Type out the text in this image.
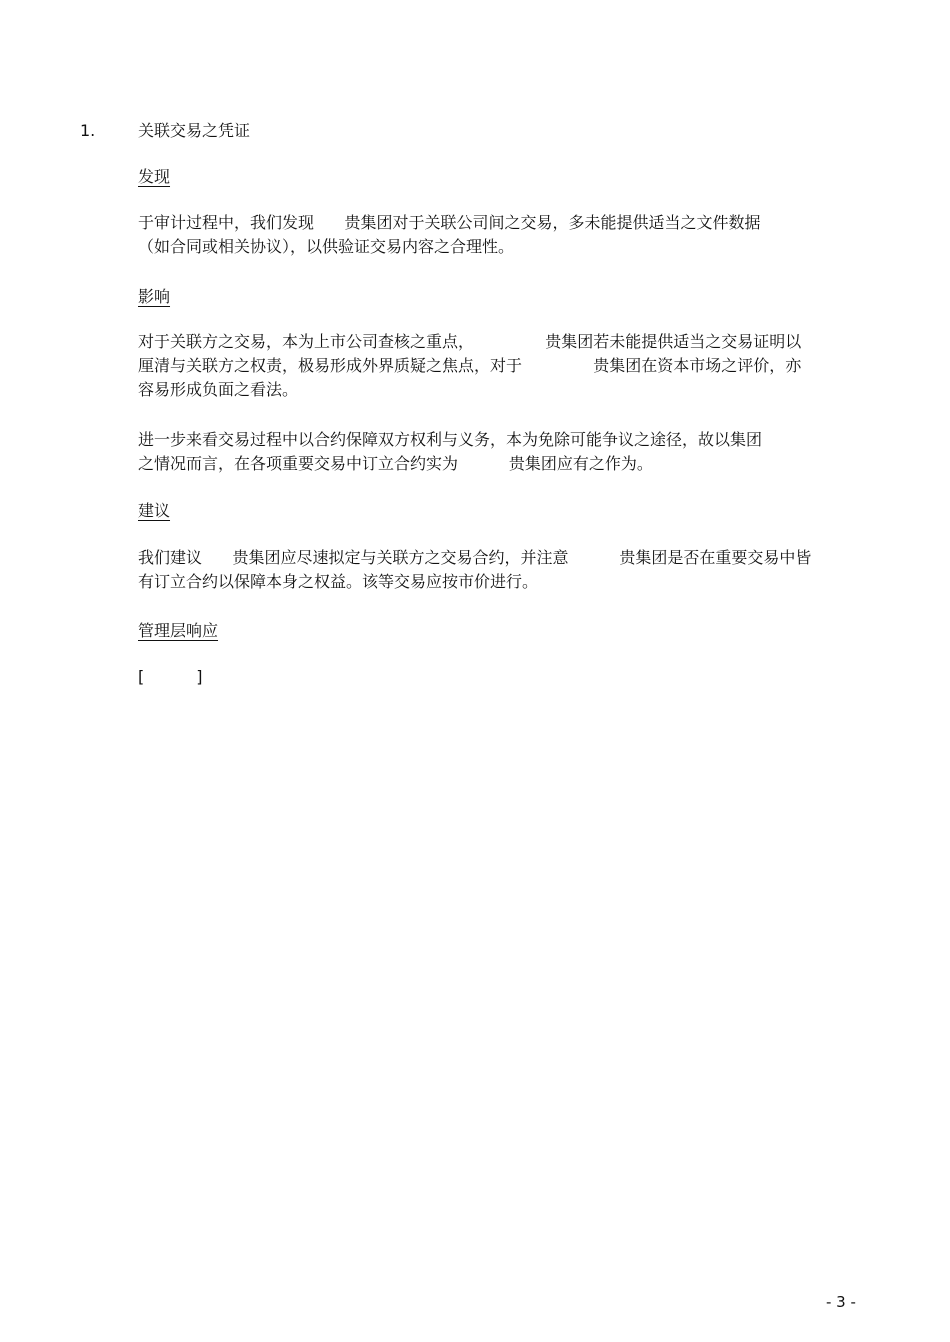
1.	关联交易之凭证
发现
于审计过程中，我们发现      贵集团对于关联公司间之交易，多未能提供适当之文件数据
（如合同或相关协议），以供验证交易内容之合理性。
影响
对于关联方之交易，本为上市公司查核之重点，              贵集团若未能提供适当之交易证明以
厘清与关联方之权责，极易形成外界质疑之焦点，对于              贵集团在资本市场之评价，亦
容易形成负面之看法。
进一步来看交易过程中以合约保障双方权利与义务，本为免除可能争议之途径，故以集团
之情况而言，在各项重要交易中订立合约实为          贵集团应有之作为。
建议
我们建议      贵集团应尽速拟定与关联方之交易合约，并注意          贵集团是否在重要交易中皆
有订立合约以保障本身之权益。该等交易应按市价进行。
管理层响应
[	]
- 3 -
